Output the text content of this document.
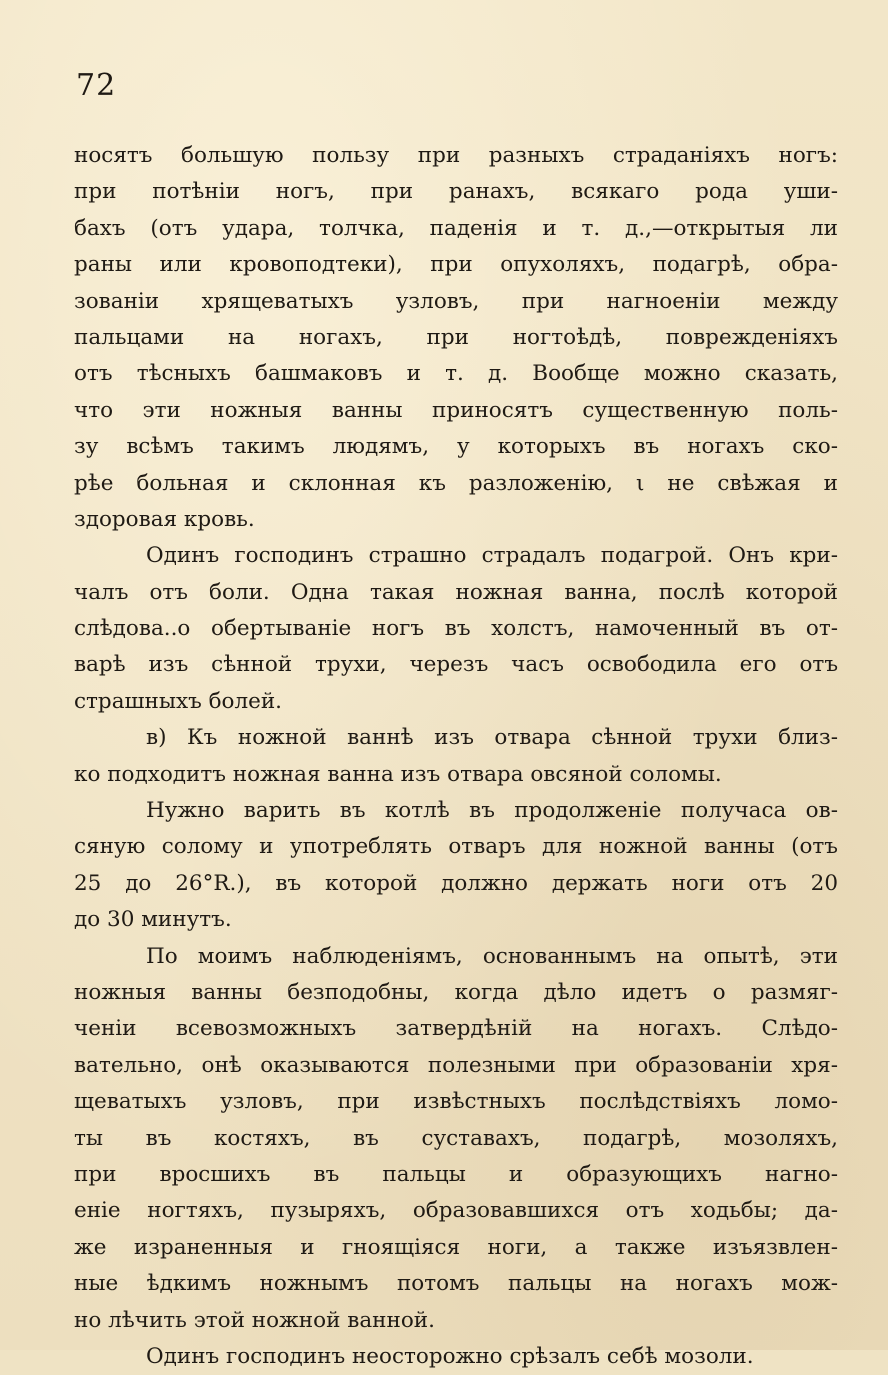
72
носятъ большую пользу при разныхъ страданіяхъ ногъ:
при потѣніи ногъ, при ранахъ, всякаго рода уши-
бахъ (отъ удара, толчка, паденія и т. д.,—открытыя ли
раны или кровоподтеки), при опухоляхъ, подагрѣ, обра-
зованіи хрящеватыхъ узловъ, при нагноеніи между
пальцами на ногахъ, при ногтоѣдѣ, поврежденіяхъ
отъ тѣсныхъ башмаковъ и т. д. Вообще можно сказать,
что эти ножныя ванны приносятъ существенную поль-
зу всѣмъ такимъ людямъ, у которыхъ въ ногахъ ско-
рѣе больная и склонная къ разложенію, ι не свѣжая и
здоровая кровь.
Одинъ господинъ страшно страдалъ подагрой. Онъ кри-
чалъ отъ боли. Одна такая ножная ванна, послѣ которой
слѣдова..о обертываніе ногъ въ холстъ, намоченный въ от-
варѣ изъ сѣнной трухи, черезъ часъ освободила его отъ
страшныхъ болей.
в) Къ ножной ваннѣ изъ отвара сѣнной трухи близ-
ко подходитъ ножная ванна изъ отвара овсяной соломы.
Нужно варить въ котлѣ въ продолженіе получаса ов-
сяную солому и употреблять отваръ для ножной ванны (отъ
25 до 26°R.), въ которой должно держать ноги отъ 20
до 30 минутъ.
По моимъ наблюденіямъ, основаннымъ на опытѣ, эти
ножныя ванны безподобны, когда дѣло идетъ о размяг-
ченіи всевозможныхъ затвердѣній на ногахъ. Слѣдо-
вательно, онѣ оказываются полезными при образованіи хря-
щеватыхъ узловъ, при извѣстныхъ послѣдствіяхъ ломо-
ты въ костяхъ, въ суставахъ, подагрѣ, мозоляхъ,
при вросшихъ въ пальцы и образующихъ нагно-
еніе ногтяхъ, пузыряхъ, образовавшихся отъ ходьбы; да-
же израненныя и гноящіяся ноги, а также изъязвлен-
ные ѣдкимъ ножнымъ потомъ пальцы на ногахъ мож-
но лѣчить этой ножной ванной.
Одинъ господинъ неосторожно срѣзалъ себѣ мозоли.
